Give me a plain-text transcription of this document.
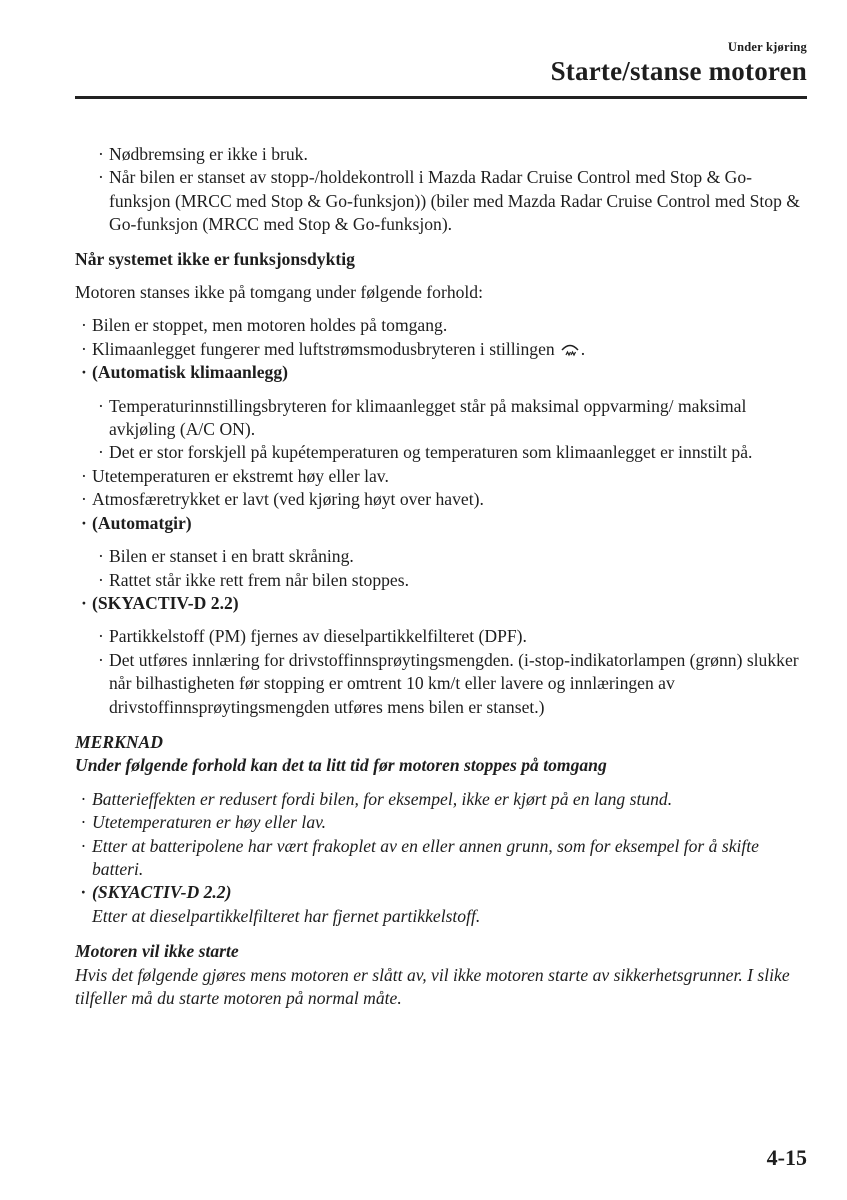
Under kjøring
Starte/stanse motoren
· Nødbremsing er ikke i bruk.
· Når bilen er stanset av stopp-/holdekontroll i Mazda Radar Cruise Control med Stop & Go-funksjon (MRCC med Stop & Go-funksjon)) (biler med Mazda Radar Cruise Control med Stop & Go-funksjon (MRCC med Stop & Go-funksjon).
Når systemet ikke er funksjonsdyktig
Motoren stanses ikke på tomgang under følgende forhold:
· Bilen er stoppet, men motoren holdes på tomgang.
· Klimaanlegget fungerer med luftstrømsmodusbryteren i stillingen .
· (Automatisk klimaanlegg)
· Temperaturinnstillingsbryteren for klimaanlegget står på maksimal oppvarming/ maksimal avkjøling (A/C ON).
· Det er stor forskjell på kupétemperaturen og temperaturen som klimaanlegget er innstilt på.
· Utetemperaturen er ekstremt høy eller lav.
· Atmosfæretrykket er lavt (ved kjøring høyt over havet).
· (Automatgir)
· Bilen er stanset i en bratt skråning.
· Rattet står ikke rett frem når bilen stoppes.
· (SKYACTIV-D 2.2)
· Partikkelstoff (PM) fjernes av dieselpartikkelfilteret (DPF).
· Det utføres innlæring for drivstoffinnsprøytingsmengden. (i-stop-indikatorlampen (grønn) slukker når bilhastigheten før stopping er omtrent 10 km/t eller lavere og innlæringen av drivstoffinnsprøytingsmengden utføres mens bilen er stanset.)
MERKNAD
Under følgende forhold kan det ta litt tid før motoren stoppes på tomgang
· Batterieffekten er redusert fordi bilen, for eksempel, ikke er kjørt på en lang stund.
· Utetemperaturen er høy eller lav.
· Etter at batteripolene har vært frakoplet av en eller annen grunn, som for eksempel for å skifte batteri.
· (SKYACTIV-D 2.2)
Etter at dieselpartikkelfilteret har fjernet partikkelstoff.
Motoren vil ikke starte
Hvis det følgende gjøres mens motoren er slått av, vil ikke motoren starte av sikkerhetsgrunner. I slike tilfeller må du starte motoren på normal måte.
4-15
